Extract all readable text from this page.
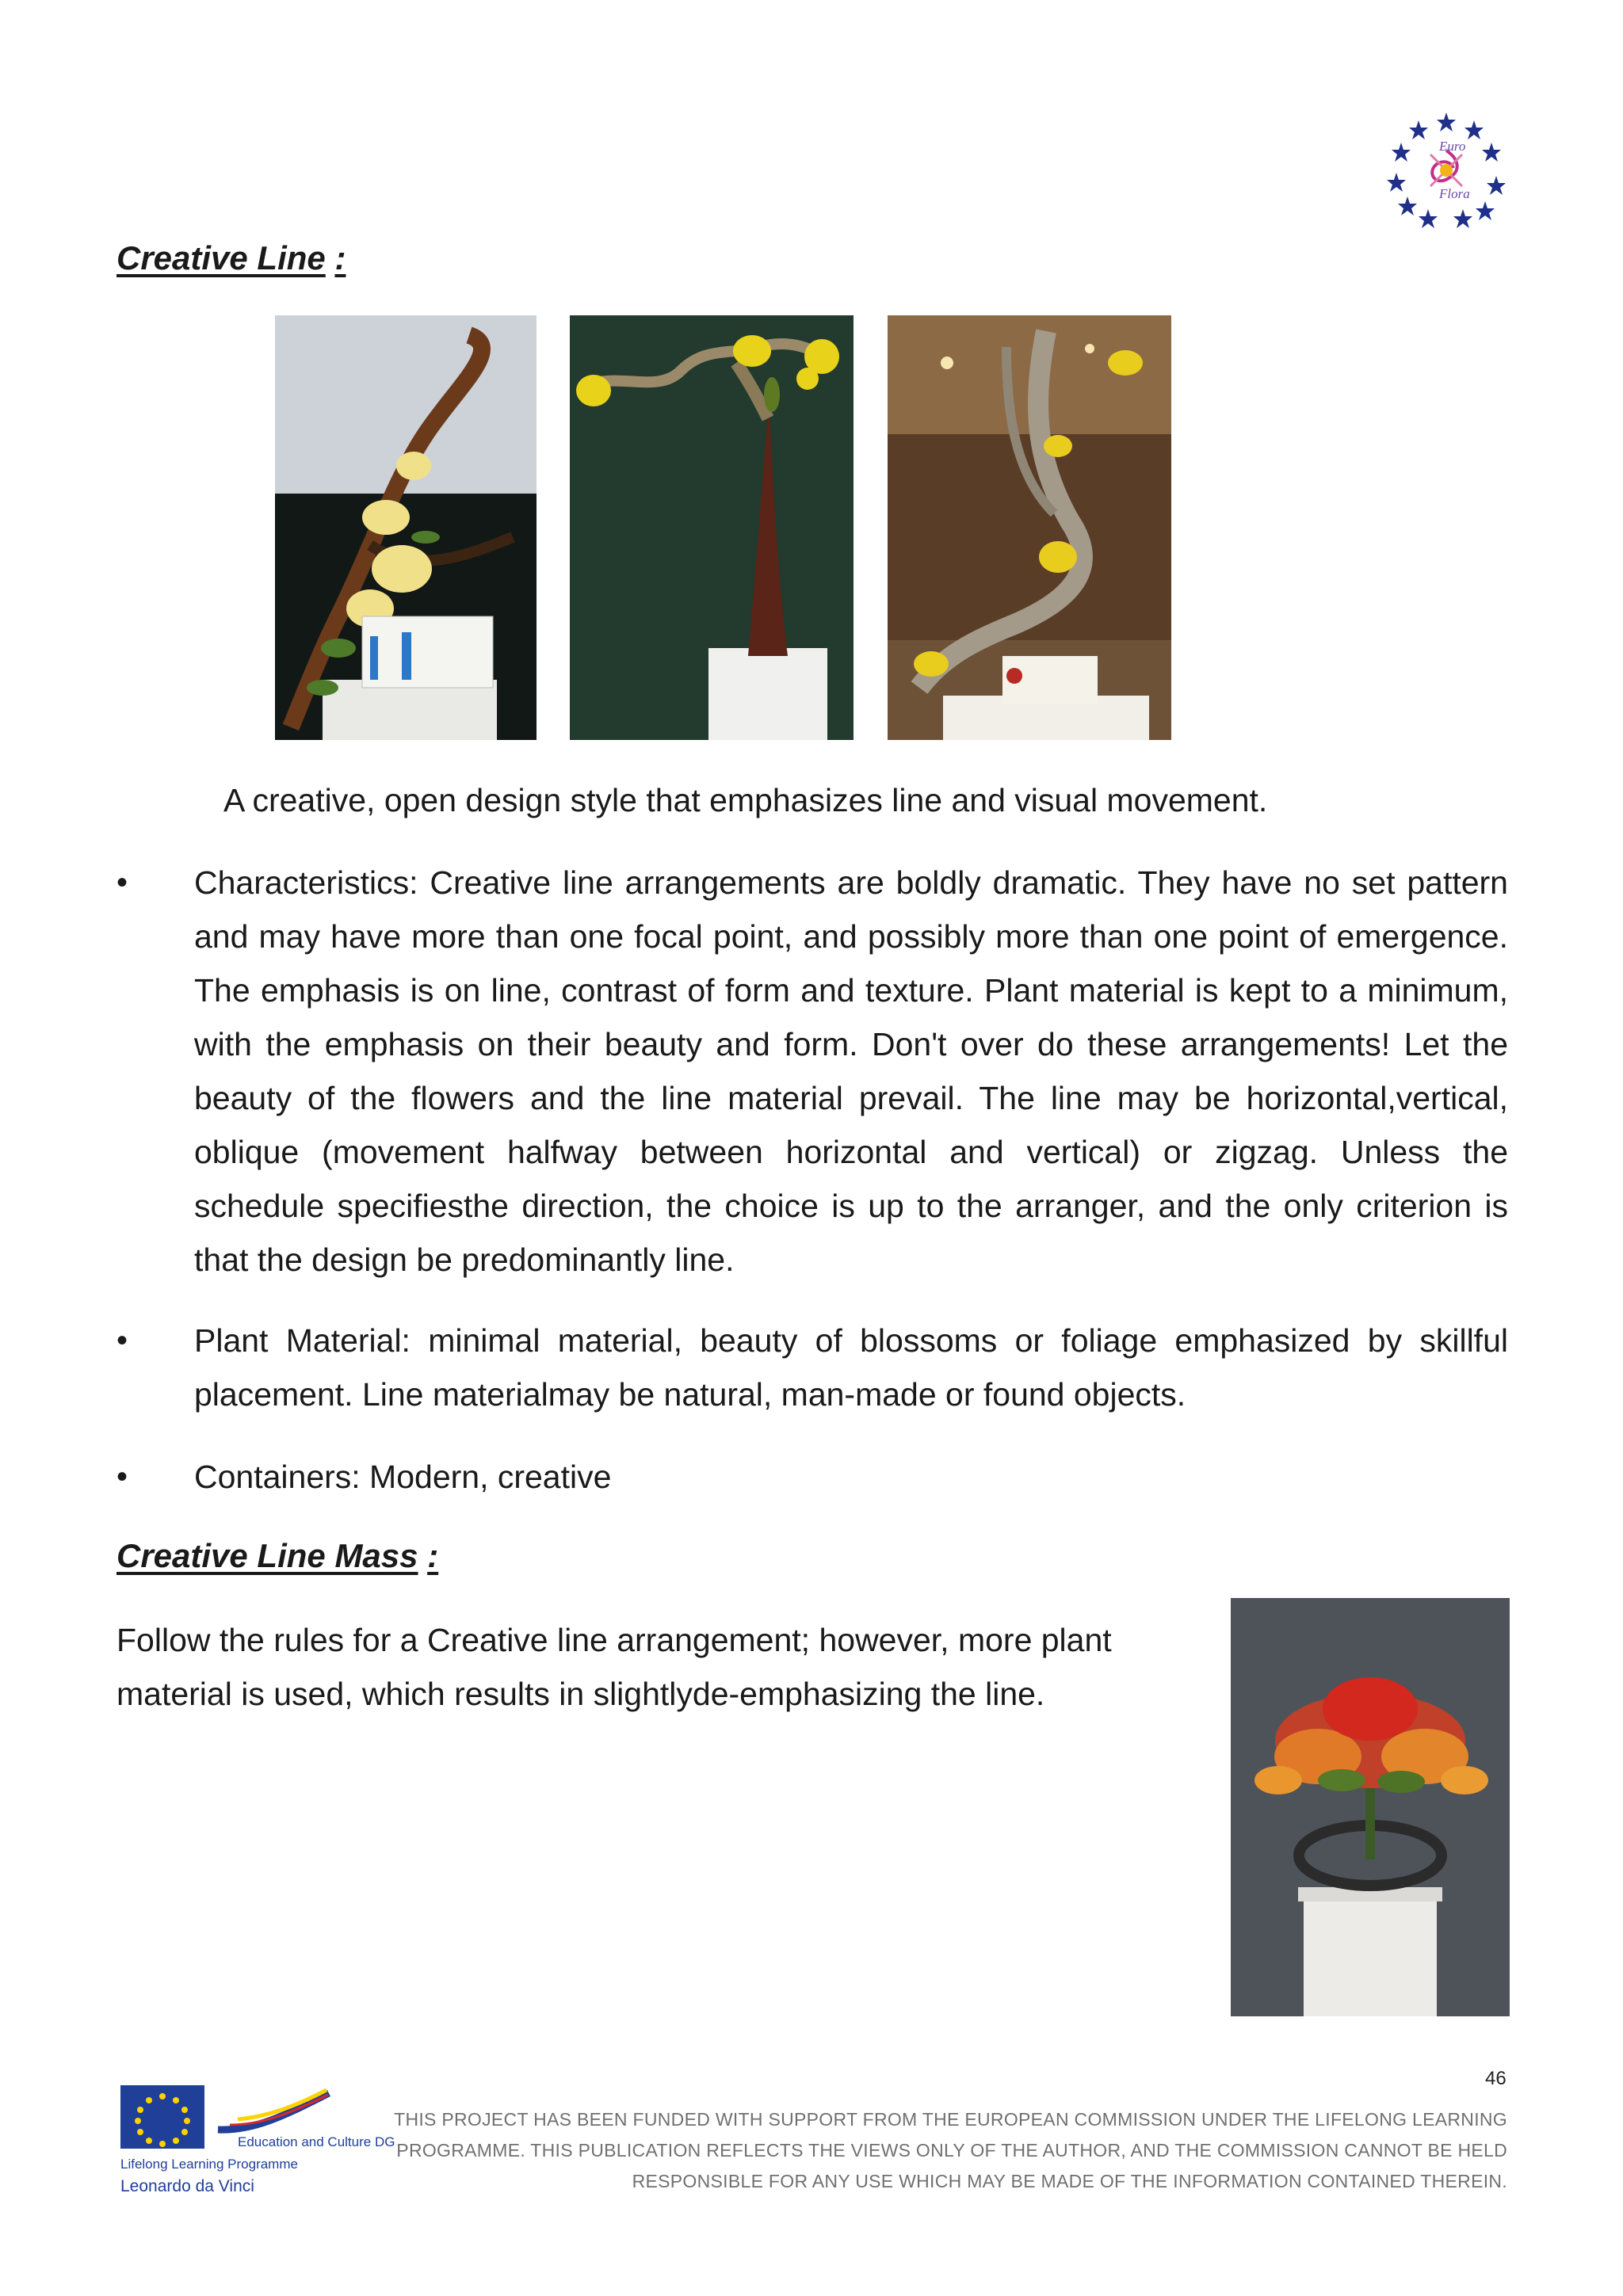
Euro
Flora
Creative Line :
A creative, open design style that emphasizes line and visual movement.
• Characteristics: Creative line arrangements are boldly dramatic. They have no set pattern and may have more than one focal point, and possibly more than one point of emergence. The emphasis is on line, contrast of form and texture. Plant material is kept to a minimum, with the emphasis on their beauty and form. Don't over do these arrangements! Let the beauty of the flowers and the line material prevail. The line may be horizontal,vertical, oblique (movement halfway between horizontal and vertical) or zigzag. Unless the schedule specifiesthe direction, the choice is up to the arranger, and the only criterion is that the design be predominantly line.
• Plant Material: minimal material, beauty of blossoms or foliage emphasized by skillful placement. Line materialmay be natural, man-made or found objects.
• Containers: Modern, creative
Creative Line Mass :
Follow the rules for a Creative line arrangement; however, more plant material is used, which results in slightlyde-emphasizing the line.
46
Education and Culture DG
Lifelong Learning Programme
Leonardo da Vinci
THIS PROJECT HAS BEEN FUNDED WITH SUPPORT FROM THE EUROPEAN COMMISSION UNDER THE LIFELONG LEARNING
PROGRAMME. THIS PUBLICATION REFLECTS THE VIEWS ONLY OF THE AUTHOR, AND THE COMMISSION CANNOT BE HELD
RESPONSIBLE FOR ANY USE WHICH MAY BE MADE OF THE INFORMATION CONTAINED THEREIN.
